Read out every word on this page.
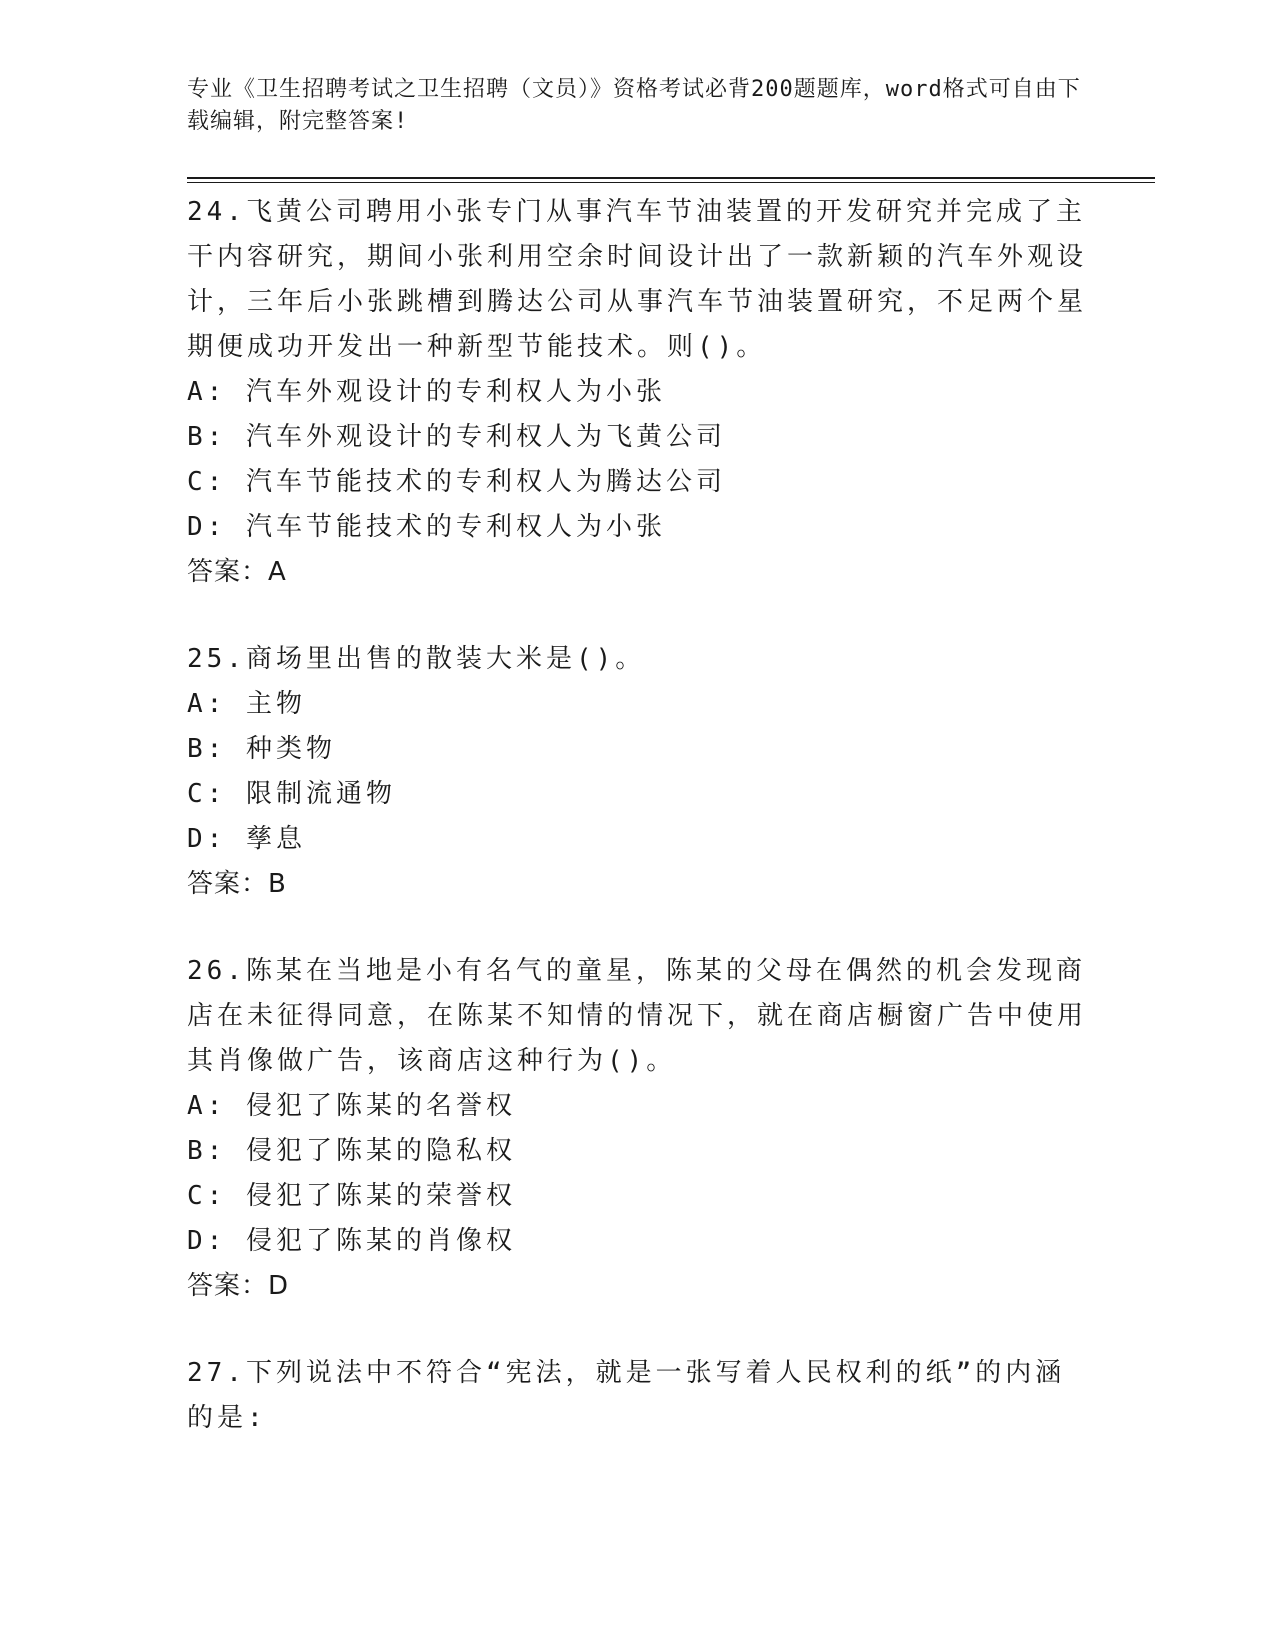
专业《卫生招聘考试之卫生招聘（文员）》资格考试必背200题题库，word格式可自由下载编辑，附完整答案!

24.飞黄公司聘用小张专门从事汽车节油装置的开发研究并完成了主干内容研究，期间小张利用空余时间设计出了一款新颖的汽车外观设计，三年后小张跳槽到腾达公司从事汽车节油装置研究，不足两个星期便成功开发出一种新型节能技术。则()。

A: 汽车外观设计的专利权人为小张

B: 汽车外观设计的专利权人为飞黄公司

C: 汽车节能技术的专利权人为腾达公司

D: 汽车节能技术的专利权人为小张

答案：A

25.商场里出售的散装大米是()。

A: 主物

B: 种类物

C: 限制流通物

D: 孳息

答案：B

26.陈某在当地是小有名气的童星，陈某的父母在偶然的机会发现商店在未征得同意，在陈某不知情的情况下，就在商店橱窗广告中使用其肖像做广告，该商店这种行为()。

A: 侵犯了陈某的名誉权

B: 侵犯了陈某的隐私权

C: 侵犯了陈某的荣誉权

D: 侵犯了陈某的肖像权

答案：D

27.下列说法中不符合“宪法，就是一张写着人民权利的纸”的内涵的是:
